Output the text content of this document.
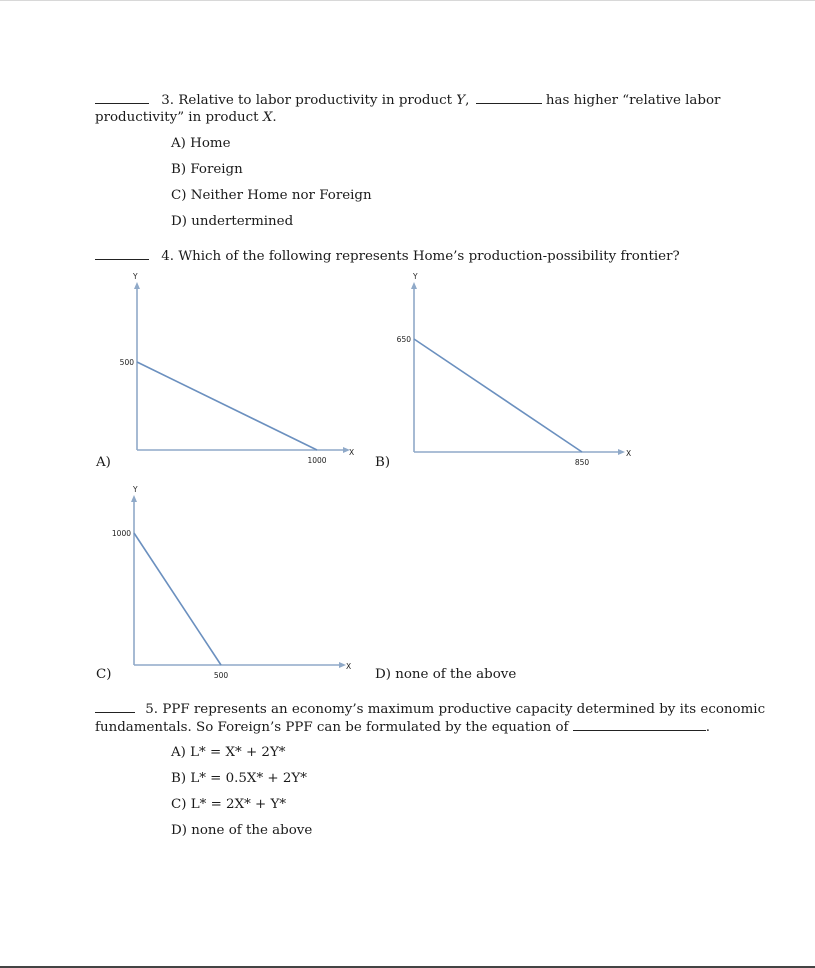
3. Relative to labor productivity in product Y,	has higher “relative labor
productivity” in product X.
A) Home
B) Foreign
C) Neither Home nor Foreign
D) undertermined
4. Which of the following represents Home’s production-possibility frontier?
A)	B)
C)	D) none of the above
Y
X
500
1000
Y
X
650
850
Y
X
1000
500
5. PPF represents an economy’s maximum productive capacity determined by its economic
fundamentals. So Foreign’s PPF can be formulated by the equation of	.
A) L* = X* + 2Y*
B) L* = 0.5X* + 2Y*
C) L* = 2X* + Y*
D) none of the above
